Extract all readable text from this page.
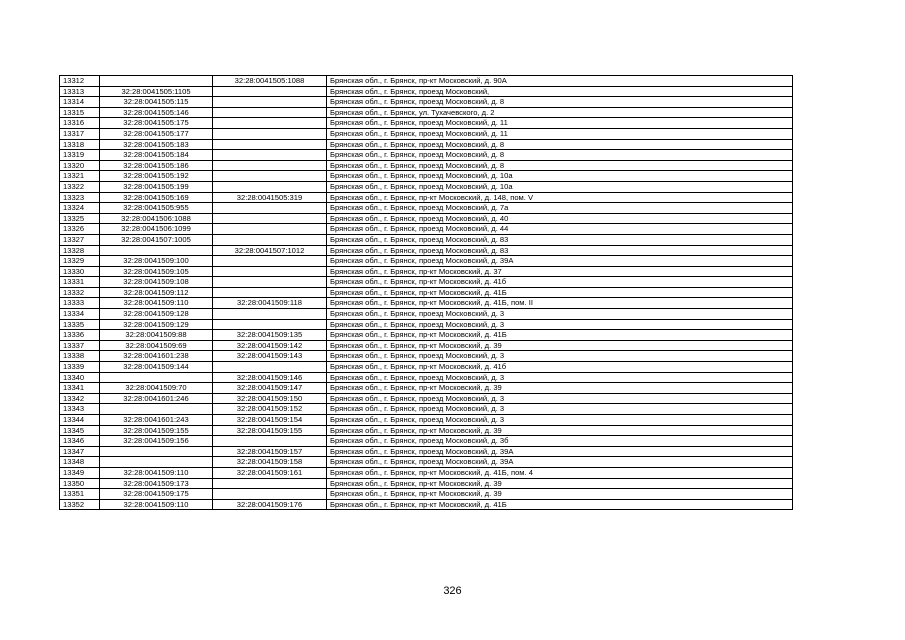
13312		32:28:0041505:1088	Брянская обл., г. Брянск, пр-кт Московский, д. 90А
13313	32:28:0041505:1105		Брянская обл., г. Брянск, проезд Московский,
13314	32:28:0041505:115		Брянская обл., г. Брянск, проезд Московский, д. 8
13315	32:28:0041505:146		Брянская обл., г. Брянск, ул. Тухачевского, д. 2
13316	32:28:0041505:175		Брянская обл., г. Брянск, проезд Московский, д. 11
13317	32:28:0041505:177		Брянская обл., г. Брянск, проезд Московский, д. 11
13318	32:28:0041505:183		Брянская обл., г. Брянск, проезд Московский, д. 8
13319	32:28:0041505:184		Брянская обл., г. Брянск, проезд Московский, д. 8
13320	32:28:0041505:186		Брянская обл., г. Брянск, проезд Московский, д. 8
13321	32:28:0041505:192		Брянская обл., г. Брянск, проезд Московский, д. 10а
13322	32:28:0041505:199		Брянская обл., г. Брянск, проезд Московский, д. 10а
13323	32:28:0041505:169	32:28:0041505:319	Брянская обл., г. Брянск, пр-кт Московский, д. 148, пом. V
13324	32:28:0041505:955		Брянская обл., г. Брянск, проезд Московский, д. 7а
13325	32:28:0041506:1088		Брянская обл., г. Брянск, проезд Московский, д. 40
13326	32:28:0041506:1099		Брянская обл., г. Брянск, проезд Московский, д. 44
13327	32:28:0041507:1005		Брянская обл., г. Брянск, проезд Московский, д. 83
13328		32:28:0041507:1012	Брянская обл., г. Брянск, проезд Московский, д. 83
13329	32:28:0041509:100		Брянская обл., г. Брянск, проезд Московский, д. 39А
13330	32:28:0041509:105		Брянская обл., г. Брянск, пр-кт Московский, д. 37
13331	32:28:0041509:108		Брянская обл., г. Брянск, пр-кт Московский, д. 41б
13332	32:28:0041509:112		Брянская обл., г. Брянск, пр-кт Московский, д. 41Б
13333	32:28:0041509:110	32:28:0041509:118	Брянская обл., г. Брянск, пр-кт Московский, д. 41Б, пом. II
13334	32:28:0041509:128		Брянская обл., г. Брянск, проезд Московский, д. 3
13335	32:28:0041509:129		Брянская обл., г. Брянск, проезд Московский, д. 3
13336	32:28:0041509:88	32:28:0041509:135	Брянская обл., г. Брянск, пр-кт Московский, д. 41Б
13337	32:28:0041509:69	32:28:0041509:142	Брянская обл., г. Брянск, пр-кт Московский, д. 39
13338	32:28:0041601:238	32:28:0041509:143	Брянская обл., г. Брянск, проезд Московский, д. 3
13339	32:28:0041509:144		Брянская обл., г. Брянск, пр-кт Московский, д. 41б
13340		32:28:0041509:146	Брянская обл., г. Брянск, проезд Московский, д. 3
13341	32:28:0041509:70	32:28:0041509:147	Брянская обл., г. Брянск, пр-кт Московский, д. 39
13342	32:28:0041601:246	32:28:0041509:150	Брянская обл., г. Брянск, проезд Московский, д. 3
13343		32:28:0041509:152	Брянская обл., г. Брянск, проезд Московский, д. 3
13344	32:28:0041601:243	32:28:0041509:154	Брянская обл., г. Брянск, проезд Московский, д. 3
13345	32:28:0041509:155	32:28:0041509:155	Брянская обл., г. Брянск, пр-кт Московский, д. 39
13346	32:28:0041509:156		Брянская обл., г. Брянск, проезд Московский, д. 3б
13347		32:28:0041509:157	Брянская обл., г. Брянск, проезд Московский, д. 39А
13348		32:28:0041509:158	Брянская обл., г. Брянск, проезд Московский, д. 39А
13349	32:28:0041509:110	32:28:0041509:161	Брянская обл., г. Брянск, пр-кт Московский, д. 41Б, пом. 4
13350	32:28:0041509:173		Брянская обл., г. Брянск, пр-кт Московский, д. 39
13351	32:28:0041509:175		Брянская обл., г. Брянск, пр-кт Московский, д. 39
13352	32:28:0041509:110	32:28:0041509:176	Брянская обл., г. Брянск, пр-кт Московский, д. 41Б
326
